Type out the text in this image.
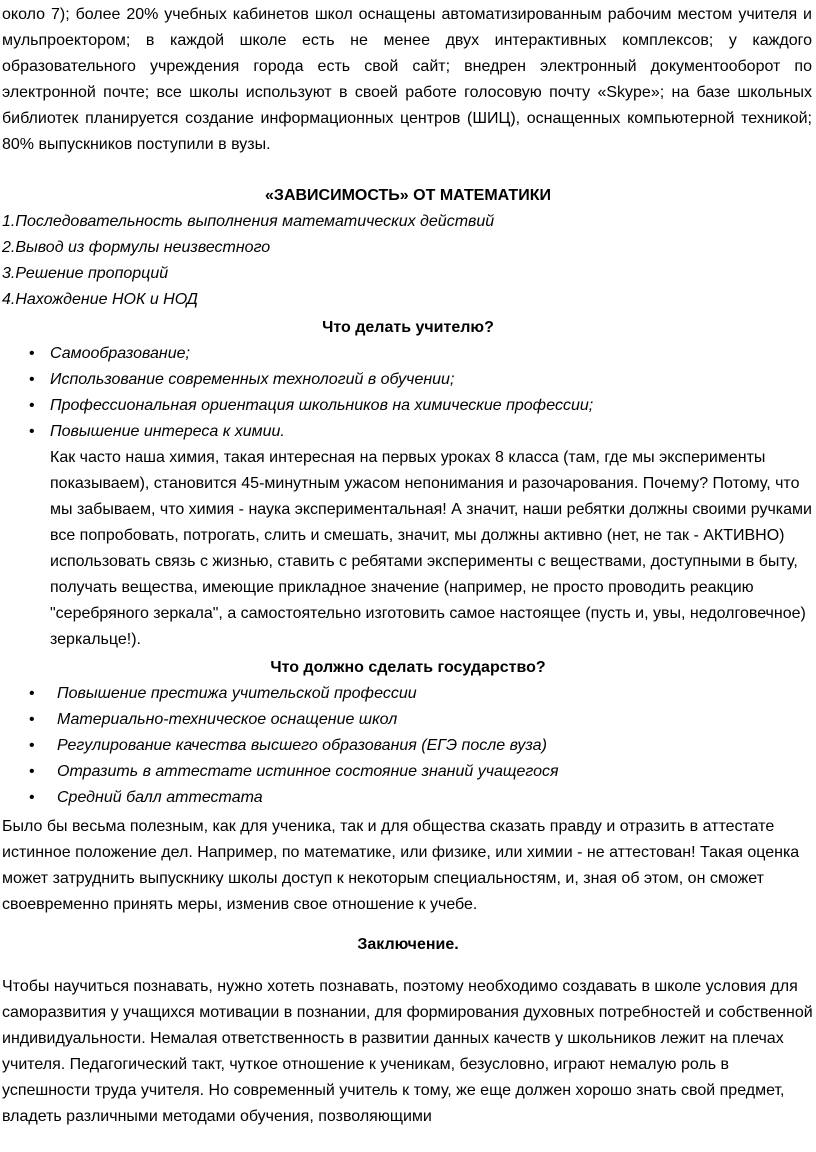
около 7); более 20% учебных кабинетов школ оснащены автоматизированным рабочим местом учителя и мульпроектором; в каждой школе есть не менее двух интерактивных комплексов; у каждого образовательного учреждения города есть свой сайт; внедрен электронный документооборот по электронной почте; все школы используют в своей работе голосовую почту «Skype»; на базе школьных библиотек планируется создание информационных центров (ШИЦ), оснащенных компьютерной техникой; 80% выпускников поступили в вузы.

«ЗАВИСИМОСТЬ» ОТ МАТЕМАТИКИ

1.Последовательность выполнения математических действий

2.Вывод из формулы неизвестного

3.Решение пропорций

4.Нахождение НОК и НОД

Что делать учителю?
• Самообразование;
• Использование современных технологий в обучении;
• Профессиональная ориентация школьников на химические профессии;
• Повышение интереса к химии.

Как часто наша химия, такая интересная на первых уроках 8 класса (там, где мы эксперименты показываем), становится 45-минутным ужасом непонимания и разочарования. Почему? Потому, что мы забываем, что химия - наука экспериментальная! А значит, наши ребятки должны своими ручками все попробовать, потрогать, слить и смешать, значит, мы должны активно (нет, не так - АКТИВНО) использовать связь с жизнью, ставить с ребятами эксперименты с веществами, доступными в быту, получать вещества, имеющие прикладное значение (например, не просто проводить реакцию "серебряного зеркала", а самостоятельно изготовить самое настоящее (пусть и, увы, недолговечное) зеркальце!).

Что должно сделать государство?
• Повышение престижа учительской профессии
• Материально-техническое оснащение школ
• Регулирование качества высшего образования (ЕГЭ после вуза)
• Отразить в аттестате истинное состояние знаний учащегося
• Средний балл аттестата

Было бы весьма полезным, как для ученика, так и для общества сказать правду и отразить в аттестате истинное положение дел. Например, по математике, или физике, или химии - не аттестован! Такая оценка может затруднить выпускнику школы доступ к некоторым специальностям, и, зная об этом, он сможет своевременно принять меры, изменив свое отношение к учебе.

Заключение.

Чтобы научиться познавать, нужно хотеть познавать, поэтому необходимо создавать в школе условия для саморазвития у учащихся мотивации в познании, для формирования духовных потребностей и собственной индивидуальности. Немалая ответственность в развитии данных качеств у школьников лежит на плечах учителя. Педагогический такт, чуткое отношение к ученикам, безусловно, играют немалую роль в успешности труда учителя. Но современный учитель к тому, же еще должен хорошо знать свой предмет, владеть различными методами обучения, позволяющими
